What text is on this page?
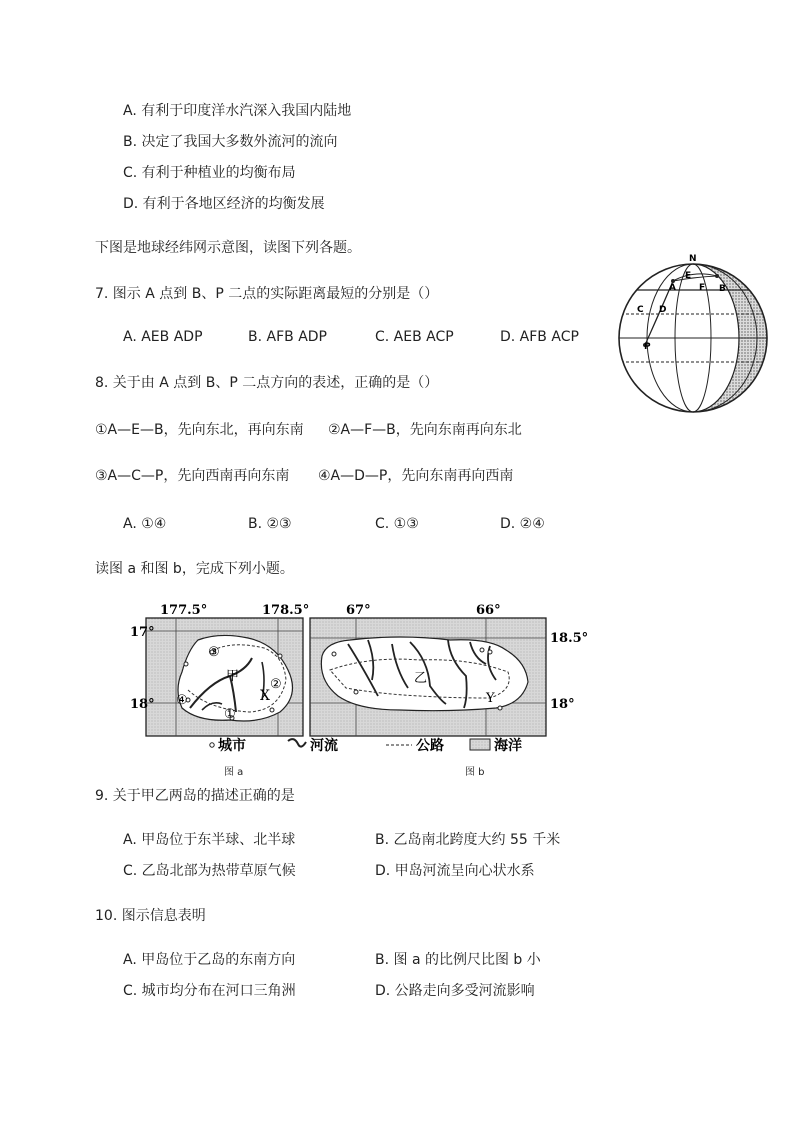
A. 有利于印度洋水汽深入我国内陆地
B. 决定了我国大多数外流河的流向
C. 有利于种植业的均衡布局
D. 有利于各地区经济的均衡发展
下图是地球经纬网示意图，读图下列各题。
7. 图示 A 点到 B、P 二点的实际距离最短的分别是（）
A. AEB ADP	B. AFB ADP	C. AEB ACP	D. AFB ACP
8. 关于由 A 点到 B、P 二点方向的表述，正确的是（）
①A—E—B，先向东北，再向东南 ②A—F—B，先向东南再向东北
③A—C—P，先向西南再向东南 ④A—D—P，先向东南再向西南
A. ①④	B. ②③	C. ①③	D. ②④
N
E
A	F B
C D
P
读图 a 和图 b，完成下列小题。
③
甲
②
X
④
①
177.5°	178.5°
17°
18°
乙
Y
67°	66°
18.5°
18°
城市	河流	公路	海洋
图 a	图 b
9. 关于甲乙两岛的描述正确的是
A. 甲岛位于东半球、北半球	B. 乙岛南北跨度大约 55 千米
C. 乙岛北部为热带草原气候	D. 甲岛河流呈向心状水系
10. 图示信息表明
A. 甲岛位于乙岛的东南方向	B. 图 a 的比例尺比图 b 小
C. 城市均分布在河口三角洲	D. 公路走向多受河流影响
